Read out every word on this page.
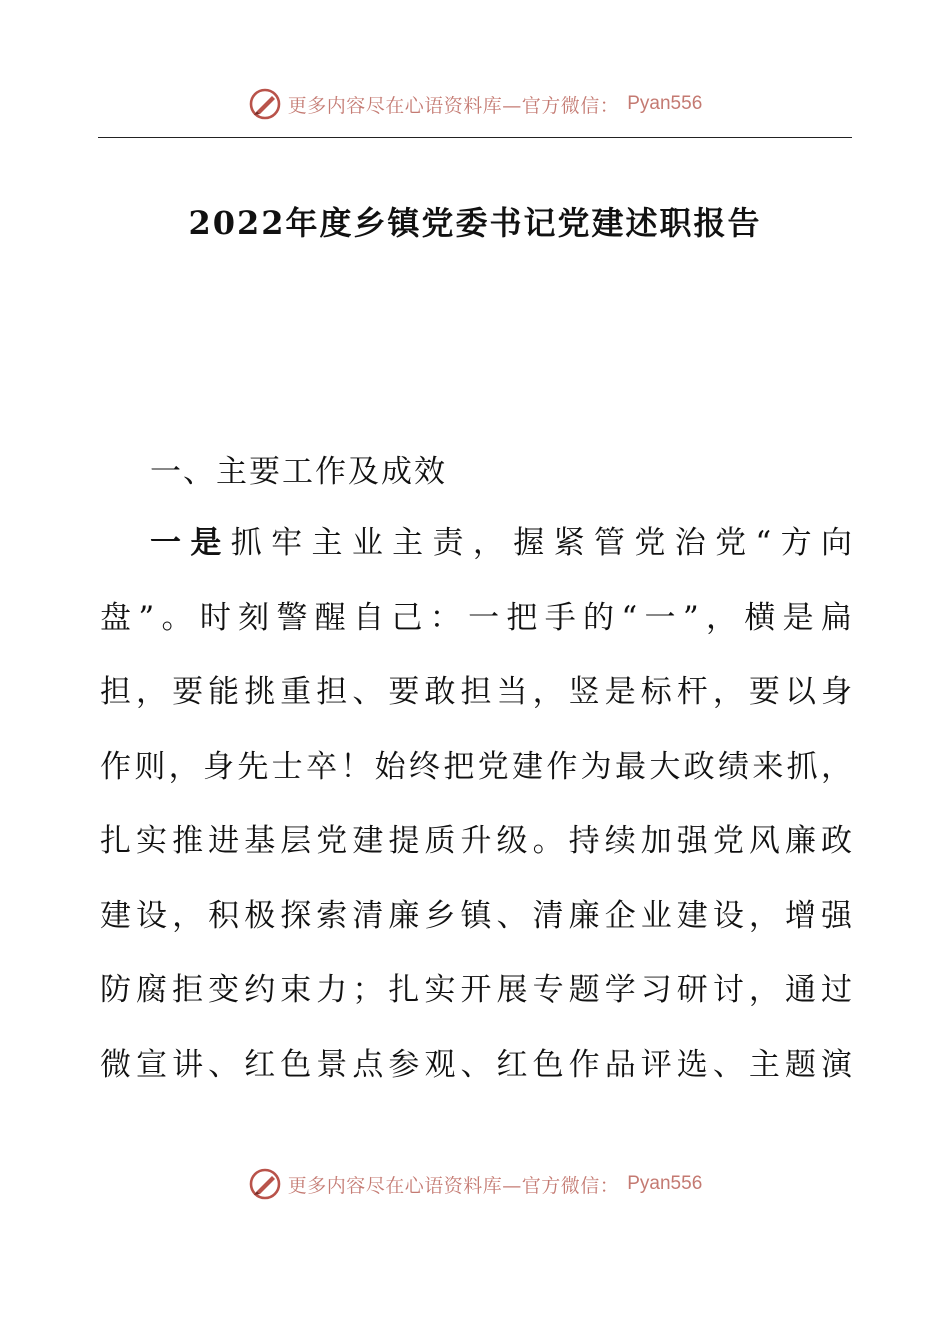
更多内容尽在心语资料库—官方微信： Pyan556
2022年度乡镇党委书记党建述职报告
一、主要工作及成效
一是抓牢主业主责，握紧管党治党“方向
盘”。时刻警醒自己：一把手的“一”，横是扁
担，要能挑重担、要敢担当，竖是标杆，要以身
作则，身先士卒！始终把党建作为最大政绩来抓，
扎实推进基层党建提质升级。持续加强党风廉政
建设，积极探索清廉乡镇、清廉企业建设，增强
防腐拒变约束力；扎实开展专题学习研讨，通过
微宣讲、红色景点参观、红色作品评选、主题演
更多内容尽在心语资料库—官方微信： Pyan556
